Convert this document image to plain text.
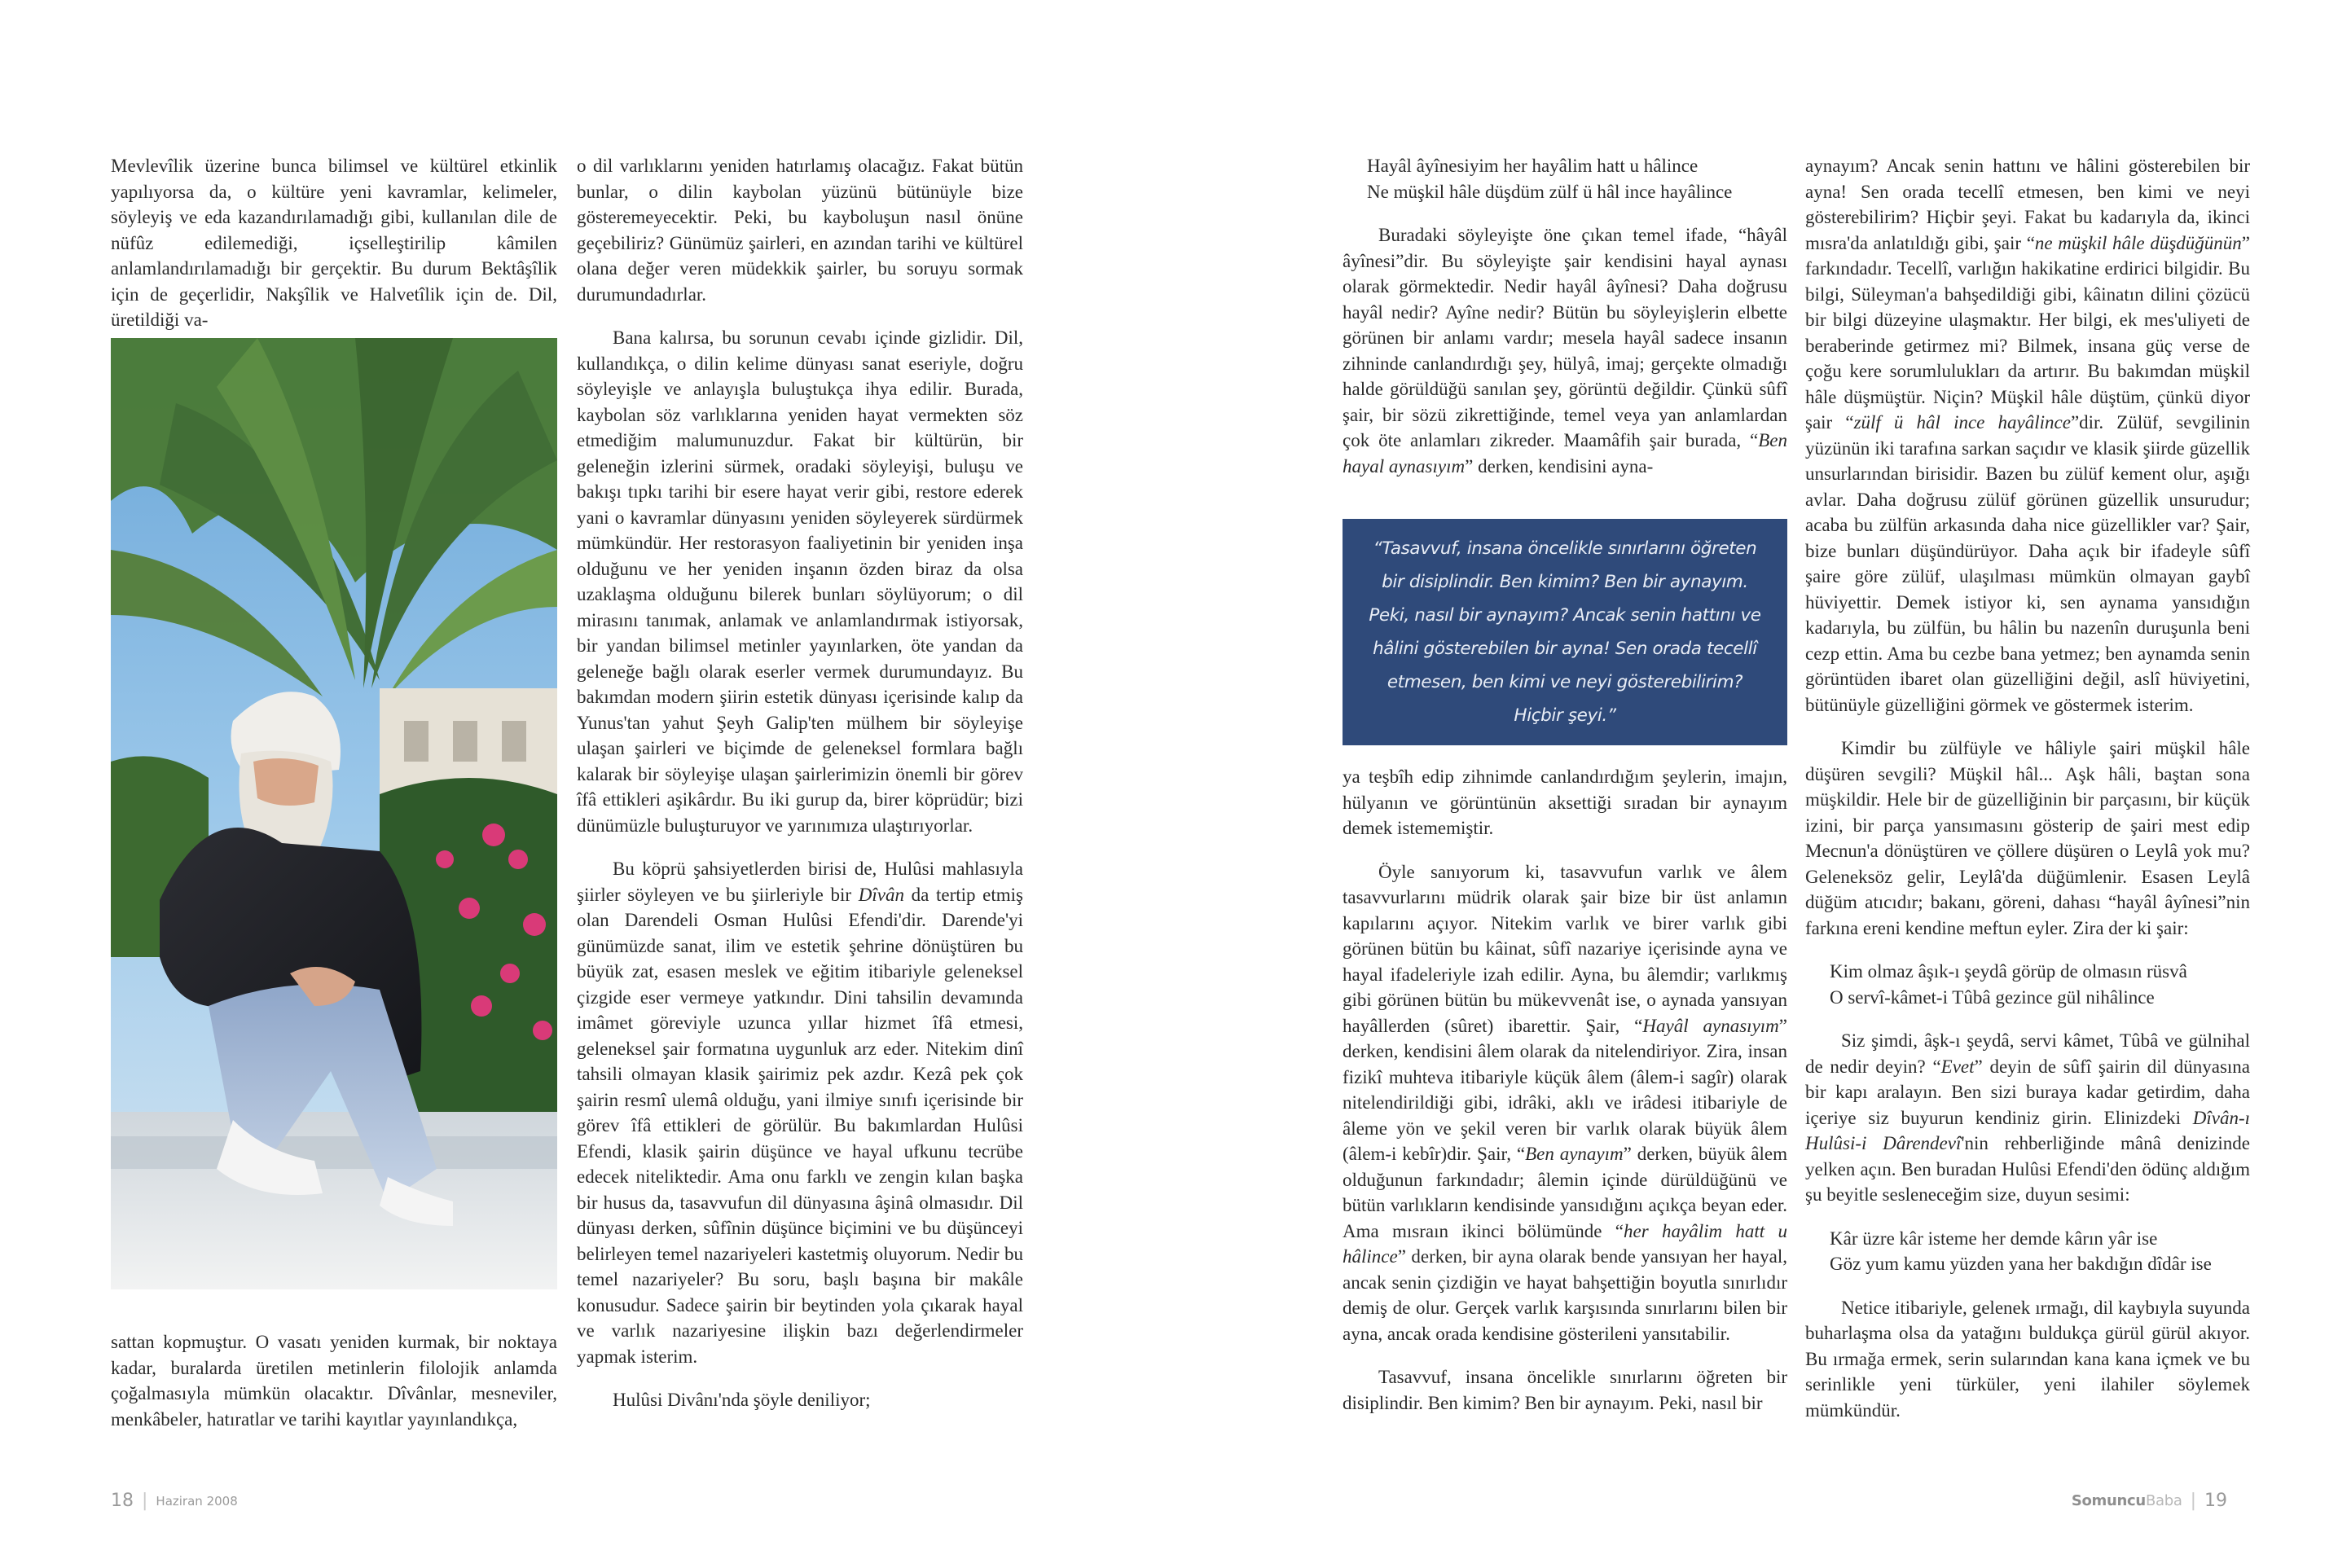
Mevlevîlik üzerine bunca bilimsel ve kültürel etkinlik yapılıyorsa da, o kültüre yeni kavramlar, kelimeler, söyleyiş ve eda kazandırılamadığı gibi, kullanılan dile de nüfûz edilemediği, içselleştirilip kâmilen anlamlandırılamadığı bir gerçektir. Bu durum Bektâşîlik için de geçerlidir, Nakşîlik ve Halvetîlik için de. Dil, üretildiği va-

sattan kopmuştur. O vasatı yeniden kurmak, bir noktaya kadar, buralarda üretilen metinlerin filolojik anlamda çoğalmasıyla mümkün olacaktır. Dîvânlar, mesneviler, menkâbeler, hatıratlar ve tarihi kayıtlar yayınlandıkça,

o dil varlıklarını yeniden hatırlamış olacağız. Fakat bütün bunlar, o dilin kaybolan yüzünü bütünüyle bize gösteremeyecektir. Peki, bu kayboluşun nasıl önüne geçebiliriz? Günümüz şairleri, en azından tarihi ve kültürel olana değer veren müdekkik şairler, bu soruyu sormak durumundadırlar.

Bana kalırsa, bu sorunun cevabı içinde gizlidir. Dil, kullandıkça, o dilin kelime dünyası sanat eseriyle, doğru söyleyişle ve anlayışla buluştukça ihya edilir. Burada, kaybolan söz varlıklarına yeniden hayat vermekten söz etmediğim malumunuzdur. Fakat bir kültürün, bir geleneğin izlerini sürmek, oradaki söyleyişi, buluşu ve bakışı tıpkı tarihi bir esere hayat verir gibi, restore ederek yani o kavramlar dünyasını yeniden söyleyerek sürdürmek mümkündür. Her restorasyon faaliyetinin bir yeniden inşa olduğunu ve her yeniden inşanın özden biraz da olsa uzaklaşma olduğunu bilerek bunları söylüyorum; o dil mirasını tanımak, anlamak ve anlamlandırmak istiyorsak, bir yandan bilimsel metinler yayınlarken, öte yandan da geleneğe bağlı olarak eserler vermek durumundayız. Bu bakımdan modern şiirin estetik dünyası içerisinde kalıp da Yunus'tan yahut Şeyh Galip'ten mülhem bir söyleyişe ulaşan şairleri ve biçimde de geleneksel formlara bağlı kalarak bir söyleyişe ulaşan şairlerimizin önemli bir görev îfâ ettikleri aşikârdır. Bu iki gurup da, birer köprüdür; bizi dünümüzle buluşturuyor ve yarınımıza ulaştırıyorlar.

Bu köprü şahsiyetlerden birisi de, Hulûsi mahlasıyla şiirler söyleyen ve bu şiirleriyle bir Dîvân da tertip etmiş olan Darendeli Osman Hulûsi Efendi'dir. Darende'yi günümüzde sanat, ilim ve estetik şehrine dönüştüren bu büyük zat, esasen meslek ve eğitim itibariyle geleneksel çizgide eser vermeye yatkındır. Dini tahsilin devamında imâmet göreviyle uzunca yıllar hizmet îfâ etmesi, geleneksel şair formatına uygunluk arz eder. Nitekim dinî tahsili olmayan klasik şairimiz pek azdır. Kezâ pek çok şairin resmî ulemâ olduğu, yani ilmiye sınıfı içerisinde bir görev îfâ ettikleri de görülür. Bu bakımlardan Hulûsi Efendi, klasik şairin düşünce ve hayal ufkunu tecrübe edecek niteliktedir. Ama onu farklı ve zengin kılan başka bir husus da, tasavvufun dil dünyasına âşinâ olmasıdır. Dil dünyası derken, sûfînin düşünce biçimini ve bu düşünceyi belirleyen temel nazariyeleri kastetmiş oluyorum. Nedir bu temel nazariyeler? Bu soru, başlı başına bir makâle konusudur. Sadece şairin bir beytinden yola çıkarak hayal ve varlık nazariyesine ilişkin bazı değerlendirmeler yapmak isterim.

Hulûsi Divânı'nda şöyle deniliyor;

18 | Haziran 2008
Hayâl âyînesiyim her hayâlim hatt u hâlince
Ne müşkil hâle düşdüm zülf ü hâl ince hayâlince

Buradaki söyleyişte öne çıkan temel ifade, “hâyâl âyînesi”dir. Bu söyleyişte şair kendisini hayal aynası olarak görmektedir. Nedir hayâl âyînesi? Daha doğrusu hayâl nedir? Ayîne nedir? Bütün bu söyleyişlerin elbette görünen bir anlamı vardır; mesela hayâl sadece insanın zihninde canlandırdığı şey, hülyâ, imaj; gerçekte olmadığı halde görüldüğü sanılan şey, görüntü değildir. Çünkü sûfî şair, bir sözü zikrettiğinde, temel veya yan anlamlardan çok öte anlamları zikreder. Maamâfih şair burada, “Ben hayal aynasıyım” derken, kendisini ayna-

“Tasavvuf, insana öncelikle sınırlarını öğreten bir disiplindir. Ben kimim? Ben bir aynayım. Peki, nasıl bir aynayım? Ancak senin hattını ve hâlini gösterebilen bir ayna! Sen orada tecellî etmesen, ben kimi ve neyi gösterebilirim? Hiçbir şeyi.”

ya teşbîh edip zihnimde canlandırdığım şeylerin, imajın, hülyanın ve görüntünün aksettiği sıradan bir aynayım demek istememiştir.

Öyle sanıyorum ki, tasavvufun varlık ve âlem tasavvurlarını müdrik olarak şair bize bir üst anlamın kapılarını açıyor. Nitekim varlık ve birer varlık gibi görünen bütün bu kâinat, sûfî nazariye içerisinde ayna ve hayal ifadeleriyle izah edilir. Ayna, bu âlemdir; varlıkmış gibi görünen bütün bu mükevvenât ise, o aynada yansıyan hayâllerden (sûret) ibarettir. Şair, “Hayâl aynasıyım” derken, kendisini âlem olarak da nitelendiriyor. Zira, insan fizikî muhteva itibariyle küçük âlem (âlem-i sagîr) olarak nitelendirildiği gibi, idrâki, aklı ve irâdesi itibariyle de âleme yön ve şekil veren bir varlık olarak büyük âlem (âlem-i kebîr)dir. Şair, “Ben aynayım” derken, büyük âlem olduğunun farkındadır; âlemin içinde dürüldüğünü ve bütün varlıkların kendisinde yansıdığını açıkça beyan eder. Ama mısraın ikinci bölümünde “her hayâlim hatt u hâlince” derken, bir ayna olarak bende yansıyan her hayal, ancak senin çizdiğin ve hayat bahşettiğin boyutla sınırlıdır demiş de olur. Gerçek varlık karşısında sınırlarını bilen bir ayna, ancak orada kendisine gösterileni yansıtabilir.

Tasavvuf, insana öncelikle sınırlarını öğreten bir disiplindir. Ben kimim? Ben bir aynayım. Peki, nasıl bir

aynayım? Ancak senin hattını ve hâlini gösterebilen bir ayna! Sen orada tecellî etmesen, ben kimi ve neyi gösterebilirim? Hiçbir şeyi. Fakat bu kadarıyla da, ikinci mısra'da anlatıldığı gibi, şair “ne müşkil hâle düşdüğünün” farkındadır. Tecellî, varlığın hakikatine erdirici bilgidir. Bu bilgi, Süleyman'a bahşedildiği gibi, kâinatın dilini çözücü bir bilgi düzeyine ulaşmaktır. Her bilgi, ek mes'uliyeti de beraberinde getirmez mi? Bilmek, insana güç verse de çoğu kere sorumlulukları da artırır. Bu bakımdan müşkil hâle düşmüştür. Niçin? Müşkil hâle düştüm, çünkü diyor şair “zülf ü hâl ince hayâlince”dir. Zülüf, sevgilinin yüzünün iki tarafına sarkan saçıdır ve klasik şiirde güzellik unsurlarından birisidir. Bazen bu zülüf kement olur, aşığı avlar. Daha doğrusu zülüf görünen güzellik unsurudur; acaba bu zülfün arkasında daha nice güzellikler var? Şair, bize bunları düşündürüyor. Daha açık bir ifadeyle sûfî şaire göre zülüf, ulaşılması mümkün olmayan gaybî hüviyettir. Demek istiyor ki, sen aynama yansıdığın kadarıyla, bu zülfün, bu hâlin bu nazenîn duruşunla beni cezp ettin. Ama bu cezbe bana yetmez; ben aynamda senin görüntüden ibaret olan güzelliğini değil, aslî hüviyetini, bütünüyle güzelliğini görmek ve göstermek isterim.

Kimdir bu zülfüyle ve hâliyle şairi müşkil hâle düşüren sevgili? Müşkil hâl... Aşk hâli, baştan sona müşkildir. Hele bir de güzelliğinin bir parçasını, bir küçük izini, bir parça yansımasını gösterip de şairi mest edip Mecnun'a dönüştüren ve çöllere düşüren o Leylâ yok mu? Geleneksöz gelir, Leylâ'da düğümlenir. Esasen Leylâ düğüm atıcıdır; bakanı, göreni, dahası “hayâl âyînesi”nin farkına ereni kendine meftun eyler. Zira der ki şair:

Kim olmaz âşık-ı şeydâ görüp de olmasın rüsvâ
O servî-kâmet-i Tûbâ gezince gül nihâlince

Siz şimdi, âşk-ı şeydâ, servi kâmet, Tûbâ ve gülnihal de nedir deyin? “Evet” deyin de sûfî şairin dil dünyasına bir kapı aralayın. Ben sizi buraya kadar getirdim, daha içeriye siz buyurun kendiniz girin. Elinizdeki Dîvân-ı Hulûsi-i Dârendevî'nin rehberliğinde mânâ denizinde yelken açın. Ben buradan Hulûsi Efendi'den ödünç aldığım şu beyitle sesleneceğim size, duyun sesimi:

Kâr üzre kâr isteme her demde kârın yâr ise
Göz yum kamu yüzden yana her bakdığın dîdâr ise

Netice itibariyle, gelenek ırmağı, dil kaybıyla suyunda buharlaşma olsa da yatağını buldukça gürül gürül akıyor. Bu ırmağa ermek, serin sularından kana kana içmek ve bu serinlikle yeni türküler, yeni ilahiler söylemek mümkündür.

SomuncuBaba | 19
